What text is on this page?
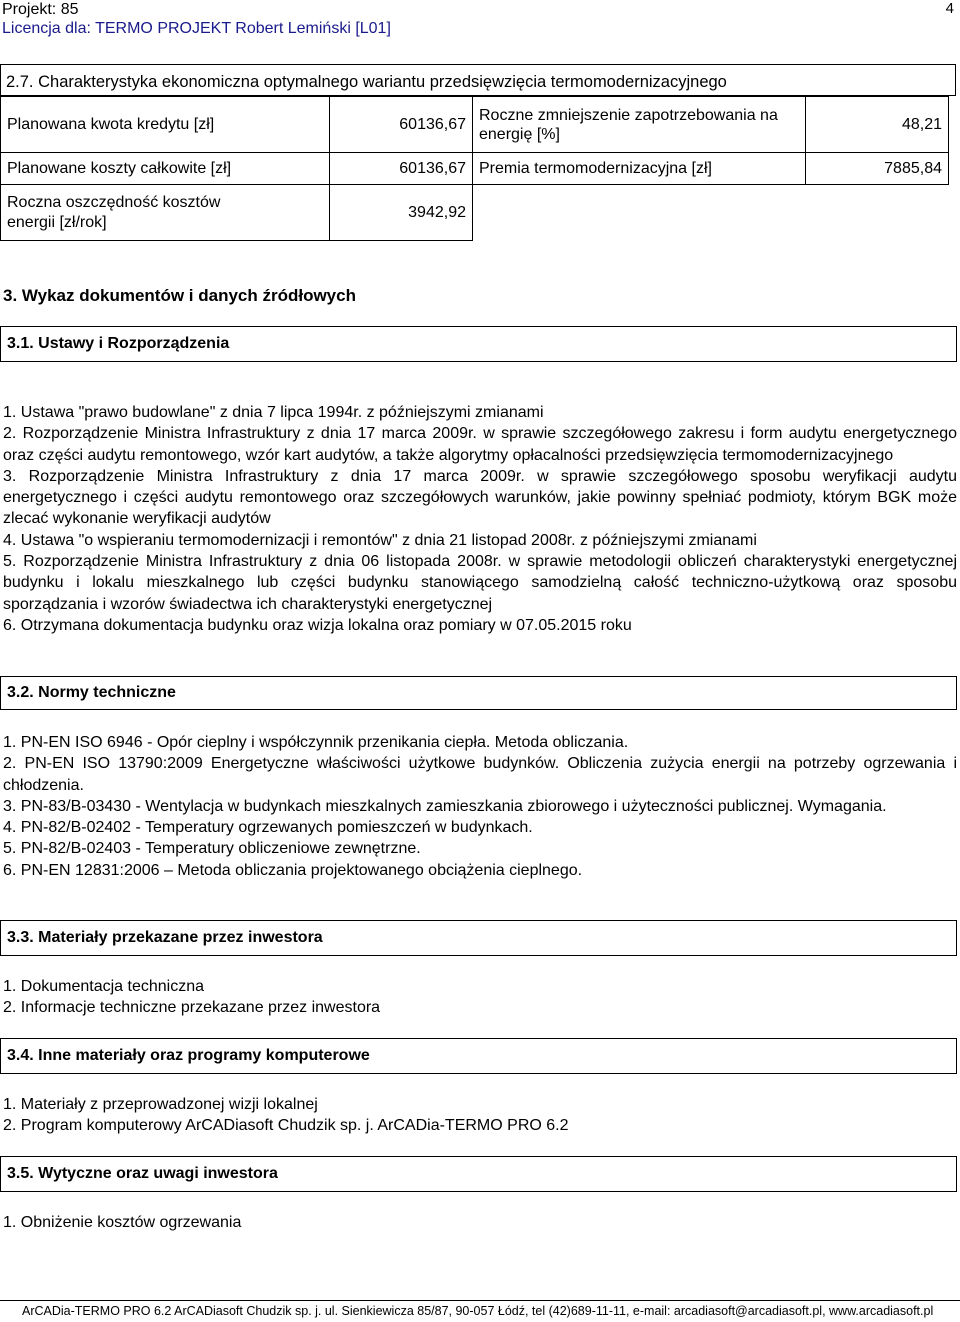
Projekt: 85
Licencja dla: TERMO PROJEKT Robert Lemiński [L01]
4
2.7. Charakterystyka ekonomiczna optymalnego wariantu przedsięwzięcia termomodernizacyjnego
Planowana kwota kredytu [zł]	60136,67	Roczne zmniejszenie zapotrzebowania na energię [%]	48,21
Planowane koszty całkowite [zł]	60136,67	Premia termomodernizacyjna [zł]	7885,84
Roczna oszczędność kosztów energii [zł/rok]	3942,92		
3. Wykaz dokumentów i danych źródłowych
3.1. Ustawy i Rozporządzenia

1. Ustawa "prawo budowlane" z dnia 7 lipca 1994r. z późniejszymi zmianami

2. Rozporządzenie Ministra Infrastruktury z dnia 17 marca 2009r. w sprawie szczegółowego zakresu i form audytu energetycznego oraz części audytu remontowego, wzór kart audytów, a także algorytmy opłacalności przedsięwzięcia termomodernizacyjnego

3. Rozporządzenie Ministra Infrastruktury z dnia 17 marca 2009r. w sprawie szczegółowego sposobu weryfikacji audytu energetycznego i części audytu remontowego oraz szczegółowych warunków, jakie powinny spełniać podmioty, którym BGK może zlecać wykonanie weryfikacji audytów

4. Ustawa "o wspieraniu termomodernizacji i remontów" z dnia 21 listopad 2008r. z późniejszymi zmianami

5. Rozporządzenie Ministra Infrastruktury z dnia 06 listopada 2008r. w sprawie metodologii obliczeń charakterystyki energetycznej budynku i lokalu mieszkalnego lub części budynku stanowiącego samodzielną całość techniczno-użytkową oraz sposobu sporządzania i wzorów świadectwa ich charakterystyki energetycznej

6. Otrzymana dokumentacja budynku oraz wizja lokalna oraz pomiary w 07.05.2015 roku

3.2. Normy techniczne

1. PN-EN ISO 6946 - Opór cieplny i współczynnik przenikania ciepła. Metoda obliczania.

2. PN-EN ISO 13790:2009 Energetyczne właściwości użytkowe budynków. Obliczenia zużycia energii na potrzeby ogrzewania i chłodzenia.

3. PN-83/B-03430 - Wentylacja w budynkach mieszkalnych zamieszkania zbiorowego i użyteczności publicznej. Wymagania.

4. PN-82/B-02402 - Temperatury ogrzewanych pomieszczeń w budynkach.

5. PN-82/B-02403 - Temperatury obliczeniowe zewnętrzne.

6. PN-EN 12831:2006 – Metoda obliczania projektowanego obciążenia cieplnego.

3.3. Materiały przekazane przez inwestora

1. Dokumentacja techniczna

2. Informacje techniczne przekazane przez inwestora

3.4. Inne materiały oraz programy komputerowe

1. Materiały z przeprowadzonej wizji lokalnej

2. Program komputerowy ArCADiasoft Chudzik sp. j. ArCADia-TERMO PRO 6.2

3.5. Wytyczne oraz uwagi inwestora

1. Obniżenie kosztów ogrzewania

ArCADia-TERMO PRO 6.2 ArCADiasoft Chudzik sp. j. ul. Sienkiewicza 85/87, 90-057 Łódź, tel (42)689-11-11, e-mail: arcadiasoft@arcadiasoft.pl, www.arcadiasoft.pl
